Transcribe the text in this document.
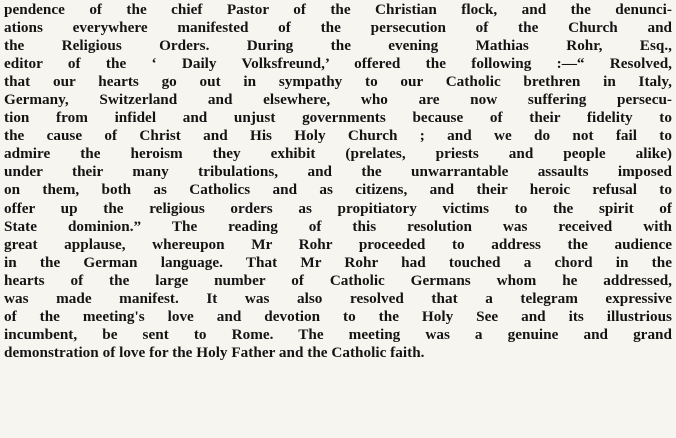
pendence of the chief Pastor of the Christian flock, and the denunci-
ations everywhere manifested of the persecution of the Church and
the Religious Orders. During the evening Mathias Rohr, Esq.,
editor of the ‘ Daily Volksfreund,’ offered the following :—“ Resolved,
that our hearts go out in sympathy to our Catholic brethren in Italy,
Germany, Switzerland and elsewhere, who are now suffering persecu-
tion from infidel and unjust governments because of their fidelity to
the cause of Christ and His Holy Church ; and we do not fail to
admire the heroism they exhibit (prelates, priests and people alike)
under their many tribulations, and the unwarrantable assaults imposed
on them, both as Catholics and as citizens, and their heroic refusal to
offer up the religious orders as propitiatory victims to the spirit of
State dominion.” The reading of this resolution was received with
great applause, whereupon Mr Rohr proceeded to address the audience
in the German language. That Mr Rohr had touched a chord in the
hearts of the large number of Catholic Germans whom he addressed,
was made manifest. It was also resolved that a telegram expressive
of the meeting's love and devotion to the Holy See and its illustrious
incumbent, be sent to Rome. The meeting was a genuine and grand
demonstration of love for the Holy Father and the Catholic faith.
